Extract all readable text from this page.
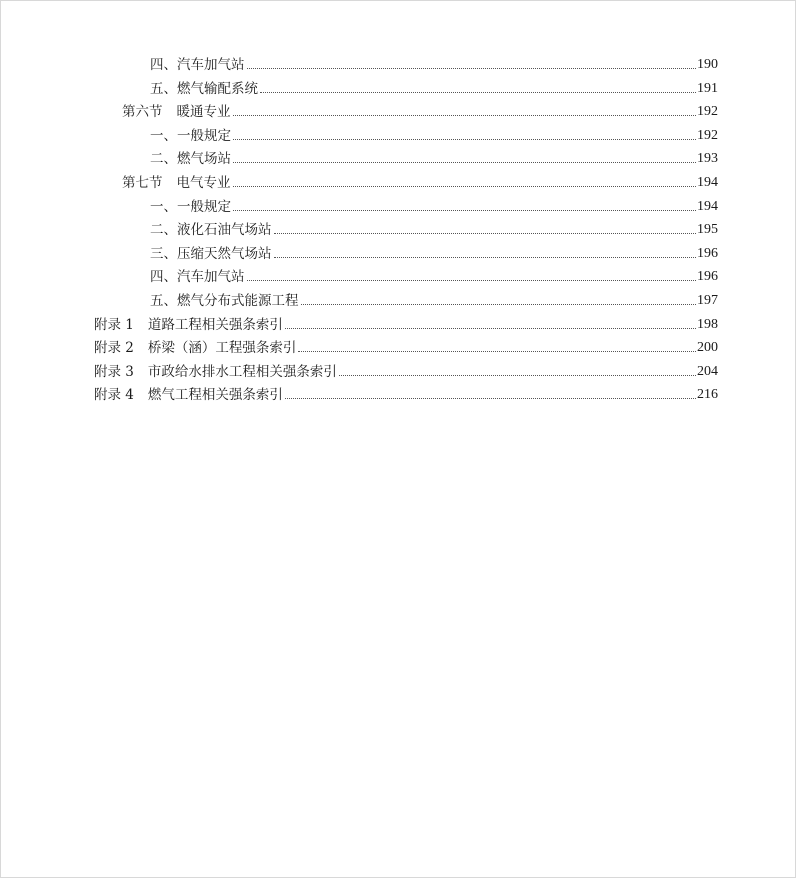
四、汽车加气站	190
五、燃气输配系统	191
第六节 暖通专业	192
一、一般规定	192
二、燃气场站	193
第七节 电气专业	194
一、一般规定	194
二、液化石油气场站	195
三、压缩天然气场站	196
四、汽车加气站	196
五、燃气分布式能源工程	197
附录 1 道路工程相关强条索引	198
附录 2 桥梁（涵）工程强条索引	200
附录 3 市政给水排水工程相关强条索引	204
附录 4 燃气工程相关强条索引	216
